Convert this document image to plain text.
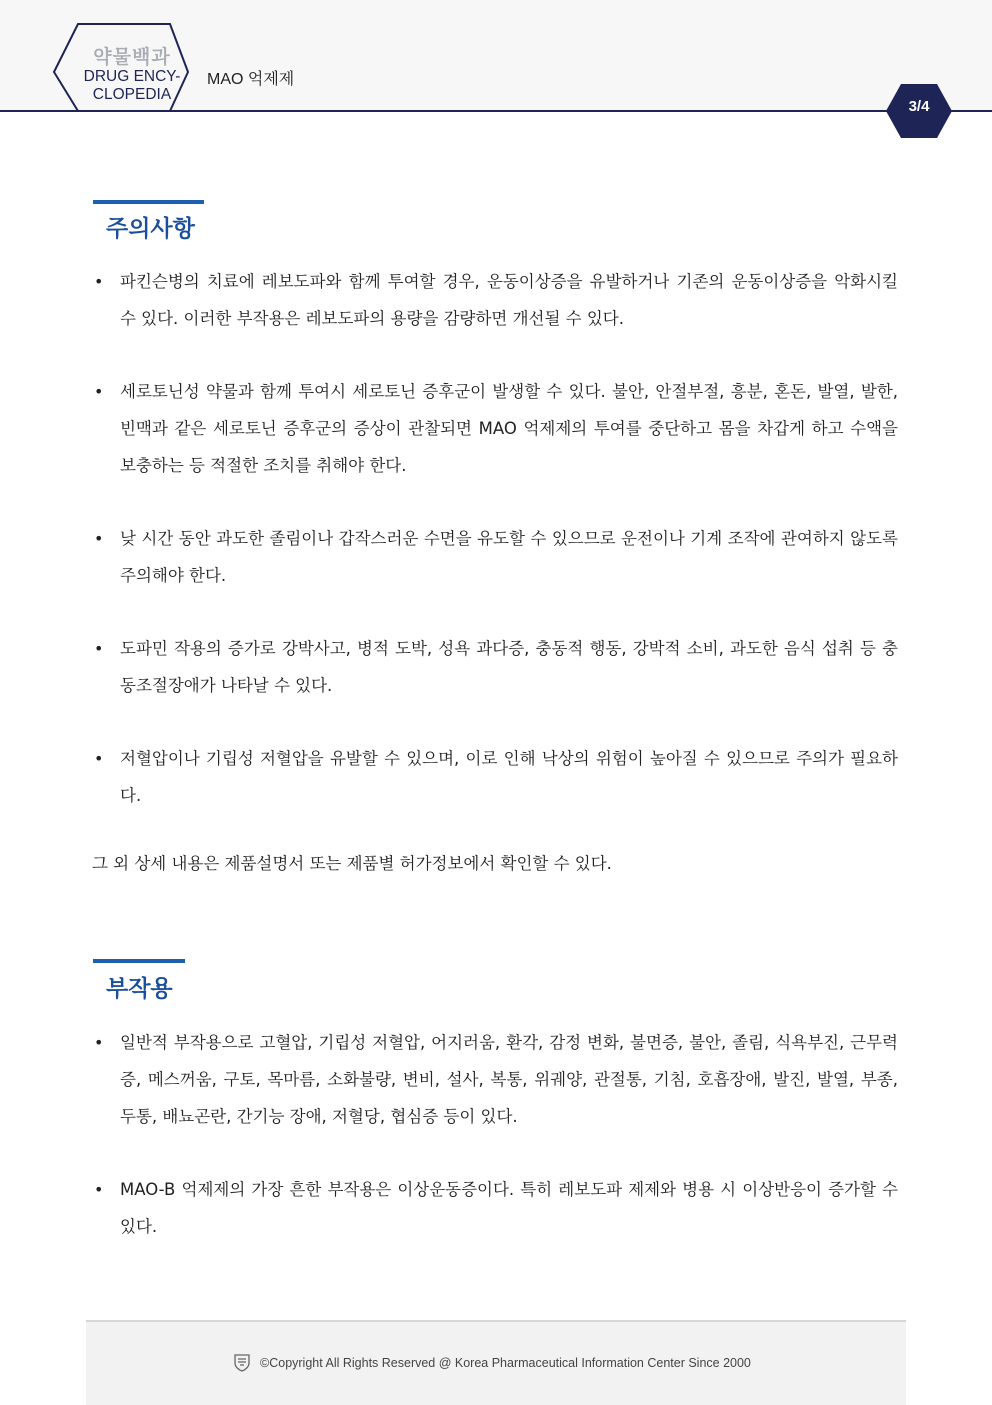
약물백과
DRUG ENCY-
CLOPEDIA
MAO 억제제
3/4
주의사항
• 파킨슨병의 치료에 레보도파와 함께 투여할 경우, 운동이상증을 유발하거나 기존의 운동이상증을 악화시킬 수 있다. 이러한 부작용은 레보도파의 용량을 감량하면 개선될 수 있다.
• 세로토닌성 약물과 함께 투여시 세로토닌 증후군이 발생할 수 있다. 불안, 안절부절, 흥분, 혼돈, 발열, 발한, 빈맥과 같은 세로토닌 증후군의 증상이 관찰되면 MAO 억제제의 투여를 중단하고 몸을 차갑게 하고 수액을 보충하는 등 적절한 조치를 취해야 한다.
• 낮 시간 동안 과도한 졸림이나 갑작스러운 수면을 유도할 수 있으므로 운전이나 기계 조작에 관여하지 않도록 주의해야 한다.
• 도파민 작용의 증가로 강박사고, 병적 도박, 성욕 과다증, 충동적 행동, 강박적 소비, 과도한 음식 섭취 등 충동조절장애가 나타날 수 있다.
• 저혈압이나 기립성 저혈압을 유발할 수 있으며, 이로 인해 낙상의 위험이 높아질 수 있으므로 주의가 필요하다.
그 외 상세 내용은 제품설명서 또는 제품별 허가정보에서 확인할 수 있다.
부작용
• 일반적 부작용으로 고혈압, 기립성 저혈압, 어지러움, 환각, 감정 변화, 불면증, 불안, 졸림, 식욕부진, 근무력증, 메스꺼움, 구토, 목마름, 소화불량, 변비, 설사, 복통, 위궤양, 관절통, 기침, 호흡장애, 발진, 발열, 부종, 두통, 배뇨곤란, 간기능 장애, 저혈당, 협심증 등이 있다.
• MAO-B 억제제의 가장 흔한 부작용은 이상운동증이다. 특히 레보도파 제제와 병용 시 이상반응이 증가할 수 있다.
©Copyright All Rights Reserved @ Korea Pharmaceutical Information Center Since 2000
